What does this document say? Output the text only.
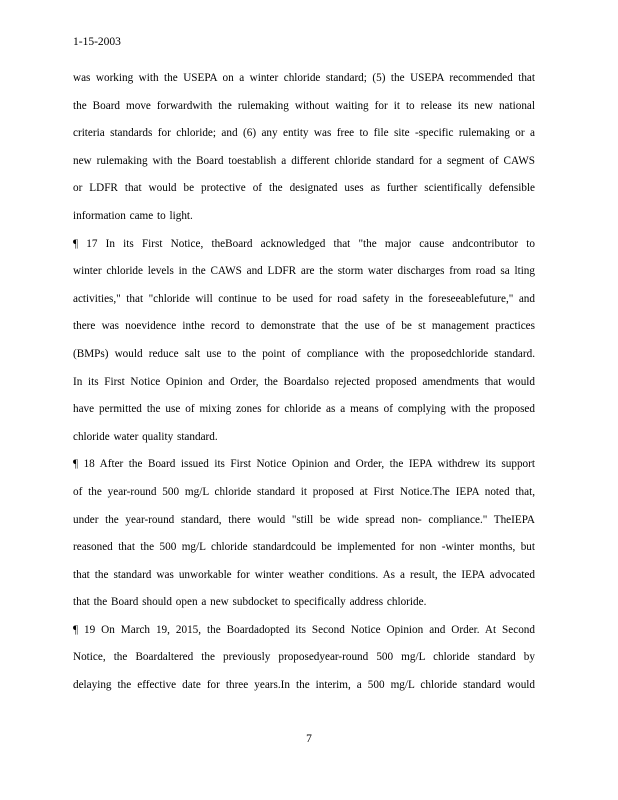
1-15-2003
was working with the USEPA on a winter chloride standard; (5) the USEPA recommended that
the Board move forwardwith the rulemaking without waiting for it to release its new national
criteria standards for chloride; and (6) any entity was free to file site -specific rulemaking or a
new rulemaking with the Board toestablish a different chloride standard for a segment of CAWS
or LDFR that would be protective of the designated uses as further scientifically defensible
information came to light.
¶ 17 In its First Notice, theBoard acknowledged that "the major cause andcontributor to
winter chloride levels in the CAWS and LDFR are the storm water discharges from road sa lting
activities," that "chloride will continue to be used for road safety in the foreseeablefuture," and
there was noevidence inthe record to demonstrate that the use of be st management practices
(BMPs) would reduce salt use to the point of compliance with the proposedchloride standard.
In its First Notice Opinion and Order, the Boardalso rejected proposed amendments that would
have permitted the use of mixing zones for chloride as a means of complying with the proposed
chloride water quality standard.
¶ 18 After the Board issued its First Notice Opinion and Order, the IEPA withdrew its support
of the year-round 500 mg/L chloride standard it proposed at First Notice.The IEPA noted that,
under the year-round standard, there would "still be wide spread non- compliance." TheIEPA
reasoned that the 500 mg/L chloride standardcould be implemented for non -winter months, but
that the standard was unworkable for winter weather conditions. As a result, the IEPA advocated
that the Board should open a new subdocket to specifically address chloride.
¶ 19 On March 19, 2015, the Boardadopted its Second Notice Opinion and Order. At Second
Notice, the Boardaltered the previously proposedyear-round 500 mg/L chloride standard by
delaying the effective date for three years.In the interim, a 500 mg/L chloride standard would
7
